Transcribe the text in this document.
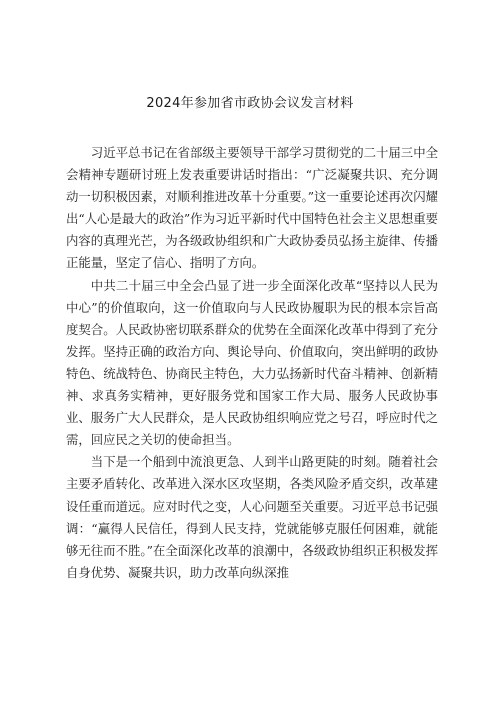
2024年参加省市政协会议发言材料

习近平总书记在省部级主要领导干部学习贯彻党的二十届三中全会精神专题研讨班上发表重要讲话时指出：“广泛凝聚共识、充分调动一切积极因素，对顺利推进改革十分重要。”这一重要论述再次闪耀出“人心是最大的政治”作为习近平新时代中国特色社会主义思想重要内容的真理光芒，为各级政协组织和广大政协委员弘扬主旋律、传播正能量，坚定了信心、指明了方向。

中共二十届三中全会凸显了进一步全面深化改革“坚持以人民为中心”的价值取向，这一价值取向与人民政协履职为民的根本宗旨高度契合。人民政协密切联系群众的优势在全面深化改革中得到了充分发挥。坚持正确的政治方向、舆论导向、价值取向，突出鲜明的政协特色、统战特色、协商民主特色，大力弘扬新时代奋斗精神、创新精神、求真务实精神，更好服务党和国家工作大局、服务人民政协事业、服务广大人民群众，是人民政协组织响应党之号召，呼应时代之需，回应民之关切的使命担当。

当下是一个船到中流浪更急、人到半山路更陡的时刻。随着社会主要矛盾转化、改革进入深水区攻坚期，各类风险矛盾交织，改革建设任重而道远。应对时代之变，人心问题至关重要。习近平总书记强调：“赢得人民信任，得到人民支持，党就能够克服任何困难，就能够无往而不胜。”在全面深化改革的浪潮中，各级政协组织正积极发挥自身优势、凝聚共识，助力改革向纵深推
